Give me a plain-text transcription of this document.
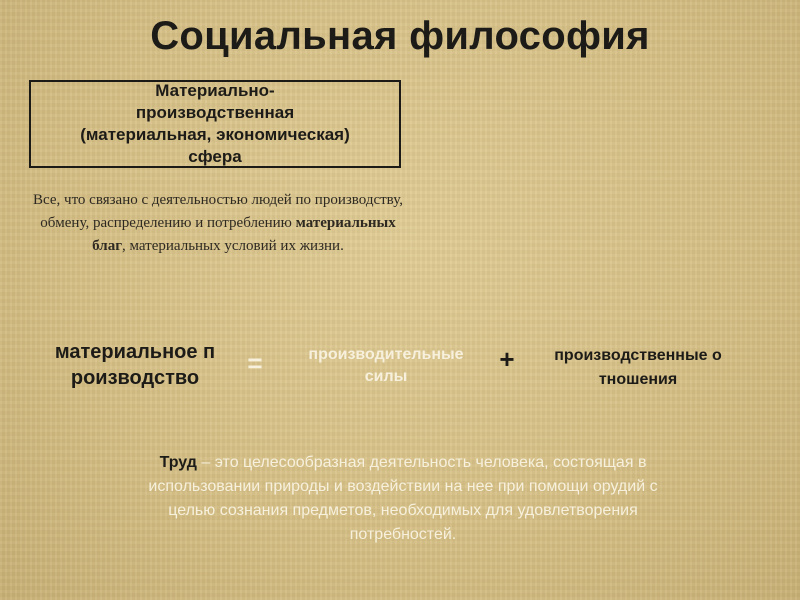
Социальная философия
Материально-
производственная
(материальная, экономическая)
сфера
Все, что связано с деятельностью людей по производству, обмену, распределению и потреблению материальных благ, материальных условий их жизни.
материальное производство	=	производительные
силы
+	производственные отношения
Труд – это целесообразная деятельность человека, состоящая в использовании природы и воздействии на нее при помощи орудий с целью сознания предметов, необходимых для удовлетворения потребностей.
